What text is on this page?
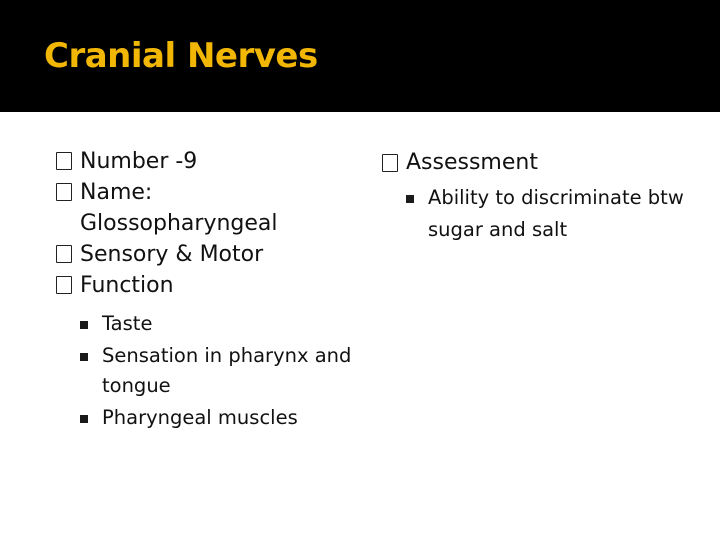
Cranial Nerves
Number -9
Name: Glossopharyngeal
Sensory & Motor
Function
Taste
Sensation in pharynx and tongue
Pharyngeal muscles
Assessment
Ability to discriminate btw sugar and salt
